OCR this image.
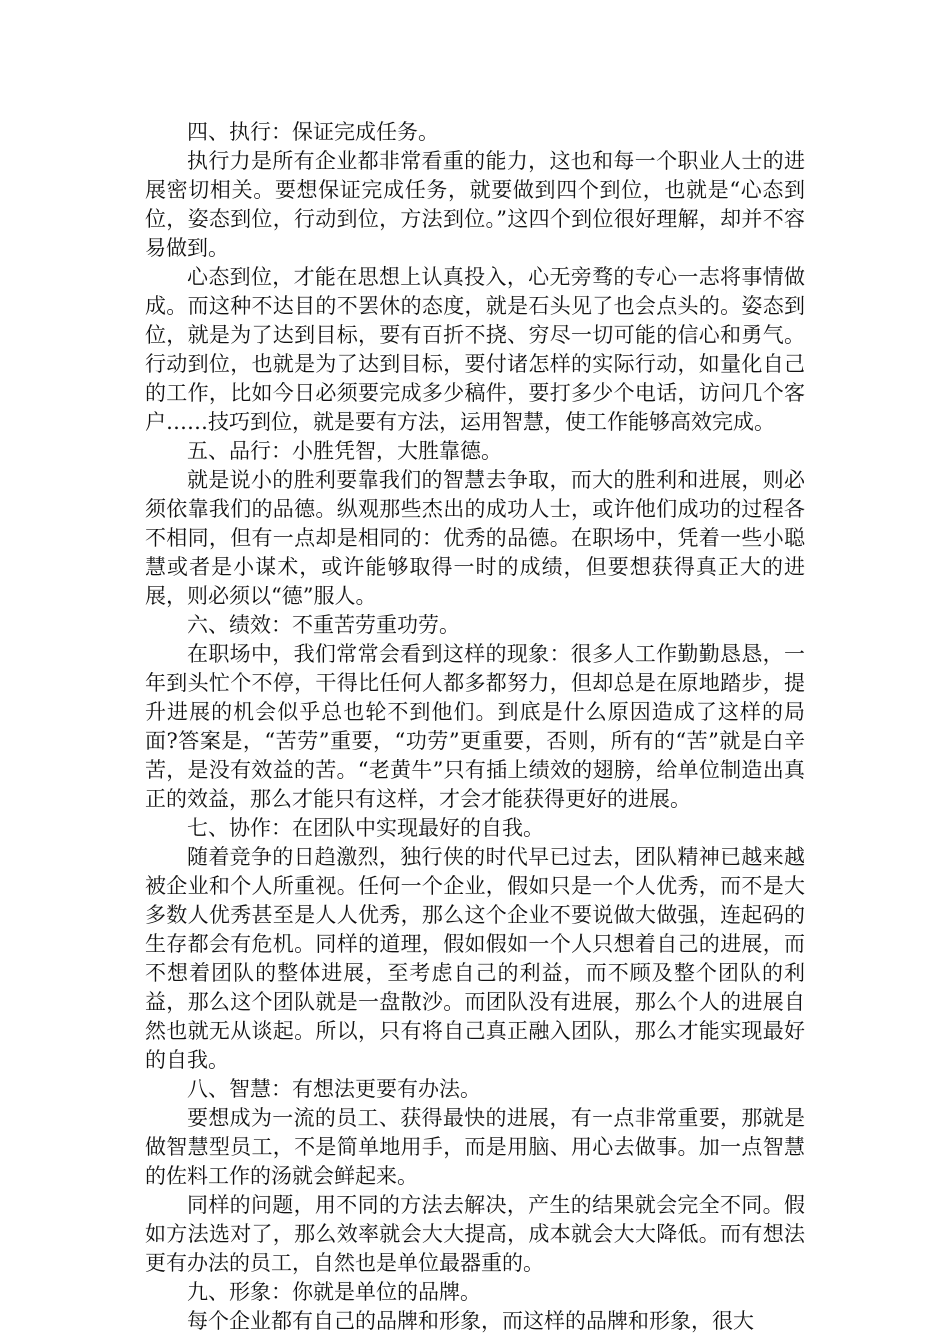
四、执行：保证完成任务。

执行力是所有企业都非常看重的能力，这也和每一个职业人士的进展密切相关。要想保证完成任务，就要做到四个到位，也就是“心态到位，姿态到位，行动到位，方法到位。”这四个到位很好理解，却并不容易做到。

心态到位，才能在思想上认真投入，心无旁骛的专心一志将事情做成。而这种不达目的不罢休的态度，就是石头见了也会点头的。姿态到位，就是为了达到目标，要有百折不挠、穷尽一切可能的信心和勇气。行动到位，也就是为了达到目标，要付诸怎样的实际行动，如量化自己的工作，比如今日必须要完成多少稿件，要打多少个电话，访问几个客户……技巧到位，就是要有方法，运用智慧，使工作能够高效完成。

五、品行：小胜凭智，大胜靠德。

就是说小的胜利要靠我们的智慧去争取，而大的胜利和进展，则必须依靠我们的品德。纵观那些杰出的成功人士，或许他们成功的过程各不相同，但有一点却是相同的：优秀的品德。在职场中，凭着一些小聪慧或者是小谋术，或许能够取得一时的成绩，但要想获得真正大的进展，则必须以“德”服人。

六、绩效：不重苦劳重功劳。

在职场中，我们常常会看到这样的现象：很多人工作勤勤恳恳，一年到头忙个不停，干得比任何人都多都努力，但却总是在原地踏步，提升进展的机会似乎总也轮不到他们。到底是什么原因造成了这样的局面?答案是，“苦劳”重要，“功劳”更重要，否则，所有的“苦”就是白辛苦，是没有效益的苦。“老黄牛”只有插上绩效的翅膀，给单位制造出真正的效益，那么才能只有这样，才会才能获得更好的进展。

七、协作：在团队中实现最好的自我。

随着竞争的日趋激烈，独行侠的时代早已过去，团队精神已越来越被企业和个人所重视。任何一个企业，假如只是一个人优秀，而不是大多数人优秀甚至是人人优秀，那么这个企业不要说做大做强，连起码的生存都会有危机。同样的道理，假如假如一个人只想着自己的进展，而不想着团队的整体进展，至考虑自己的利益，而不顾及整个团队的利益，那么这个团队就是一盘散沙。而团队没有进展，那么个人的进展自然也就无从谈起。所以，只有将自己真正融入团队，那么才能实现最好的自我。

八、智慧：有想法更要有办法。

要想成为一流的员工、获得最快的进展，有一点非常重要，那就是做智慧型员工，不是简单地用手，而是用脑、用心去做事。加一点智慧的佐料工作的汤就会鲜起来。

同样的问题，用不同的方法去解决，产生的结果就会完全不同。假如方法选对了，那么效率就会大大提高，成本就会大大降低。而有想法更有办法的员工，自然也是单位最器重的。

九、形象：你就是单位的品牌。

每个企业都有自己的品牌和形象，而这样的品牌和形象，很大
